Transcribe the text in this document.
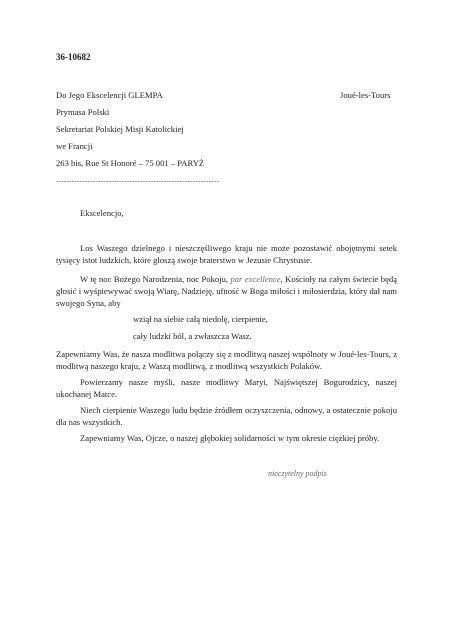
36-10682
Do Jego Ekscelencji GLEMPA	Joué-les-Tours
Prymasa Polski
Sekretariat Polskiej Misji Katolickiej
we Francji
263 bis, Rue St Honoré – 75 001 – PARYŻ
--------------------------------------------------------------
Ekscelencjo,

Los Waszego dzielnego i nieszczęśliwego kraju nie może pozostawić obojętnymi setek tysięcy istot ludzkich, które głoszą swoje braterstwo w Jezusie Chrystusie.

W tę noc Bożego Narodzenia, noc Pokoju, par excellence, Kościoły na całym świecie będą głosić i wyśpiewywać swoją Wiarę, Nadzieję, ufność w Boga miłości i miłosierdzia, który dał nam swojego Syna, aby

wziął na siebie całą niedolę, cierpienie,
cały ludzki ból, a zwłaszcza Wasz.

Zapewniamy Was, że nasza modlitwa połączy się z modlitwą naszej wspólnoty w Joué-les-Tours, z modlitwą naszego kraju, z Waszą modlitwą, z modlitwą wszystkich Polaków.

Powierzamy nasze myśli, nasze modlitwy Maryi, Najświętszej Bogurodzicy, naszej ukochanej Matce.

Niech cierpienie Waszego ludu będzie źródłem oczyszczenia, odnowy, a ostatecznie pokoju dla nas wszystkich.

Zapewniamy Was, Ojcze, o naszej głębokiej solidarności w tym okresie ciężkiej próby.

nieczytelny podpis
